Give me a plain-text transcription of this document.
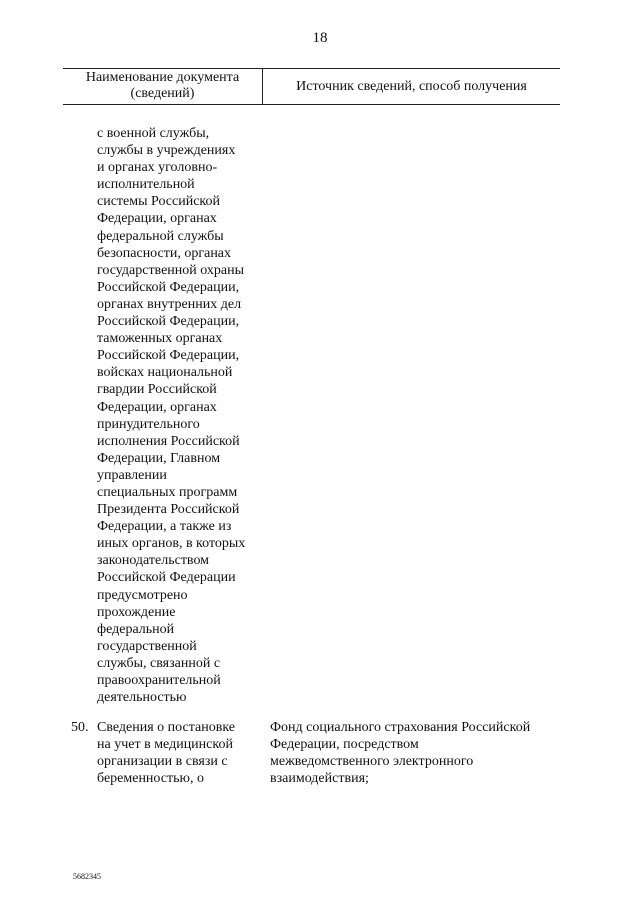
18
Наименование документа
(сведений)	Источник сведений, способ получения
с военной службы,
службы в учреждениях
и органах уголовно-
исполнительной
системы Российской
Федерации, органах
федеральной службы
безопасности, органах
государственной охраны
Российской Федерации,
органах внутренних дел
Российской Федерации,
таможенных органах
Российской Федерации,
войсках национальной
гвардии Российской
Федерации, органах
принудительного
исполнения Российской
Федерации, Главном
управлении
специальных программ
Президента Российской
Федерации, а также из
иных органов, в которых
законодательством
Российской Федерации
предусмотрено
прохождение
федеральной
государственной
службы, связанной с
правоохранительной
деятельностью
50. Сведения о постановке
на учет в медицинской
организации в связи с
беременностью, о
Фонд социального страхования Российской
Федерации, посредством
межведомственного электронного
взаимодействия;
5682345
